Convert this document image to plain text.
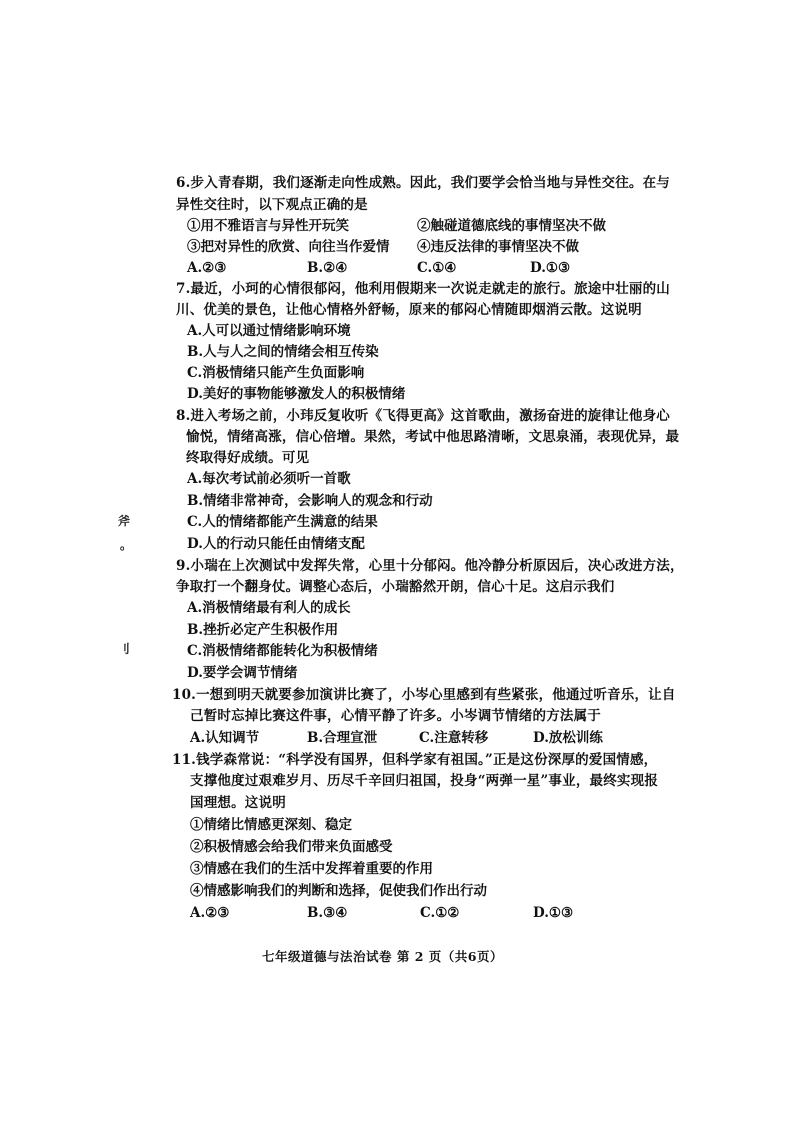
斧
。
刂
6.步入青春期，我们逐渐走向性成熟。因此，我们要学会恰当地与异性交往。在与
异性交往时，以下观点正确的是
①用不雅语言与异性开玩笑	②触碰道德底线的事情坚决不做
③把对异性的欣赏、向往当作爱情 ④违反法律的事情坚决不做
A.②③	B.②④	C.①④	D.①③
7.最近，小珂的心情很郁闷，他利用假期来一次说走就走的旅行。旅途中壮丽的山
川、优美的景色，让他心情格外舒畅，原来的郁闷心情随即烟消云散。这说明
A.人可以通过情绪影响环境
B.人与人之间的情绪会相互传染
C.消极情绪只能产生负面影响
D.美好的事物能够激发人的积极情绪
8.进入考场之前，小玮反复收听《飞得更高》这首歌曲，激扬奋进的旋律让他身心
愉悦，情绪高涨，信心倍增。果然，考试中他思路清晰，文思泉涌，表现优异，最
终取得好成绩。可见
A.每次考试前必须听一首歌
B.情绪非常神奇，会影响人的观念和行动
C.人的情绪都能产生满意的结果
D.人的行动只能任由情绪支配
9.小瑞在上次测试中发挥失常，心里十分郁闷。他冷静分析原因后，决心改进方法，
争取打一个翻身仗。调整心态后，小瑞豁然开朗，信心十足。这启示我们
A.消极情绪最有利人的成长
B.挫折必定产生积极作用
C.消极情绪都能转化为积极情绪
D.要学会调节情绪
10.一想到明天就要参加演讲比赛了，小岑心里感到有些紧张，他通过听音乐，让自
己暂时忘掉比赛这件事，心情平静了许多。小岑调节情绪的方法属于
A.认知调节	B.合理宣泄	C.注意转移	D.放松训练
11.钱学森常说：“科学没有国界，但科学家有祖国。”正是这份深厚的爱国情感，
支撑他度过艰难岁月、历尽千辛回归祖国，投身“两弹一星”事业，最终实现报
国理想。这说明
①情绪比情感更深刻、稳定
②积极情感会给我们带来负面感受
③情感在我们的生活中发挥着重要的作用
④情感影响我们的判断和选择，促使我们作出行动
A.②③	B.③④	C.①②	D.①③
七年级道德与法治试卷 第 2 页（共6页）
